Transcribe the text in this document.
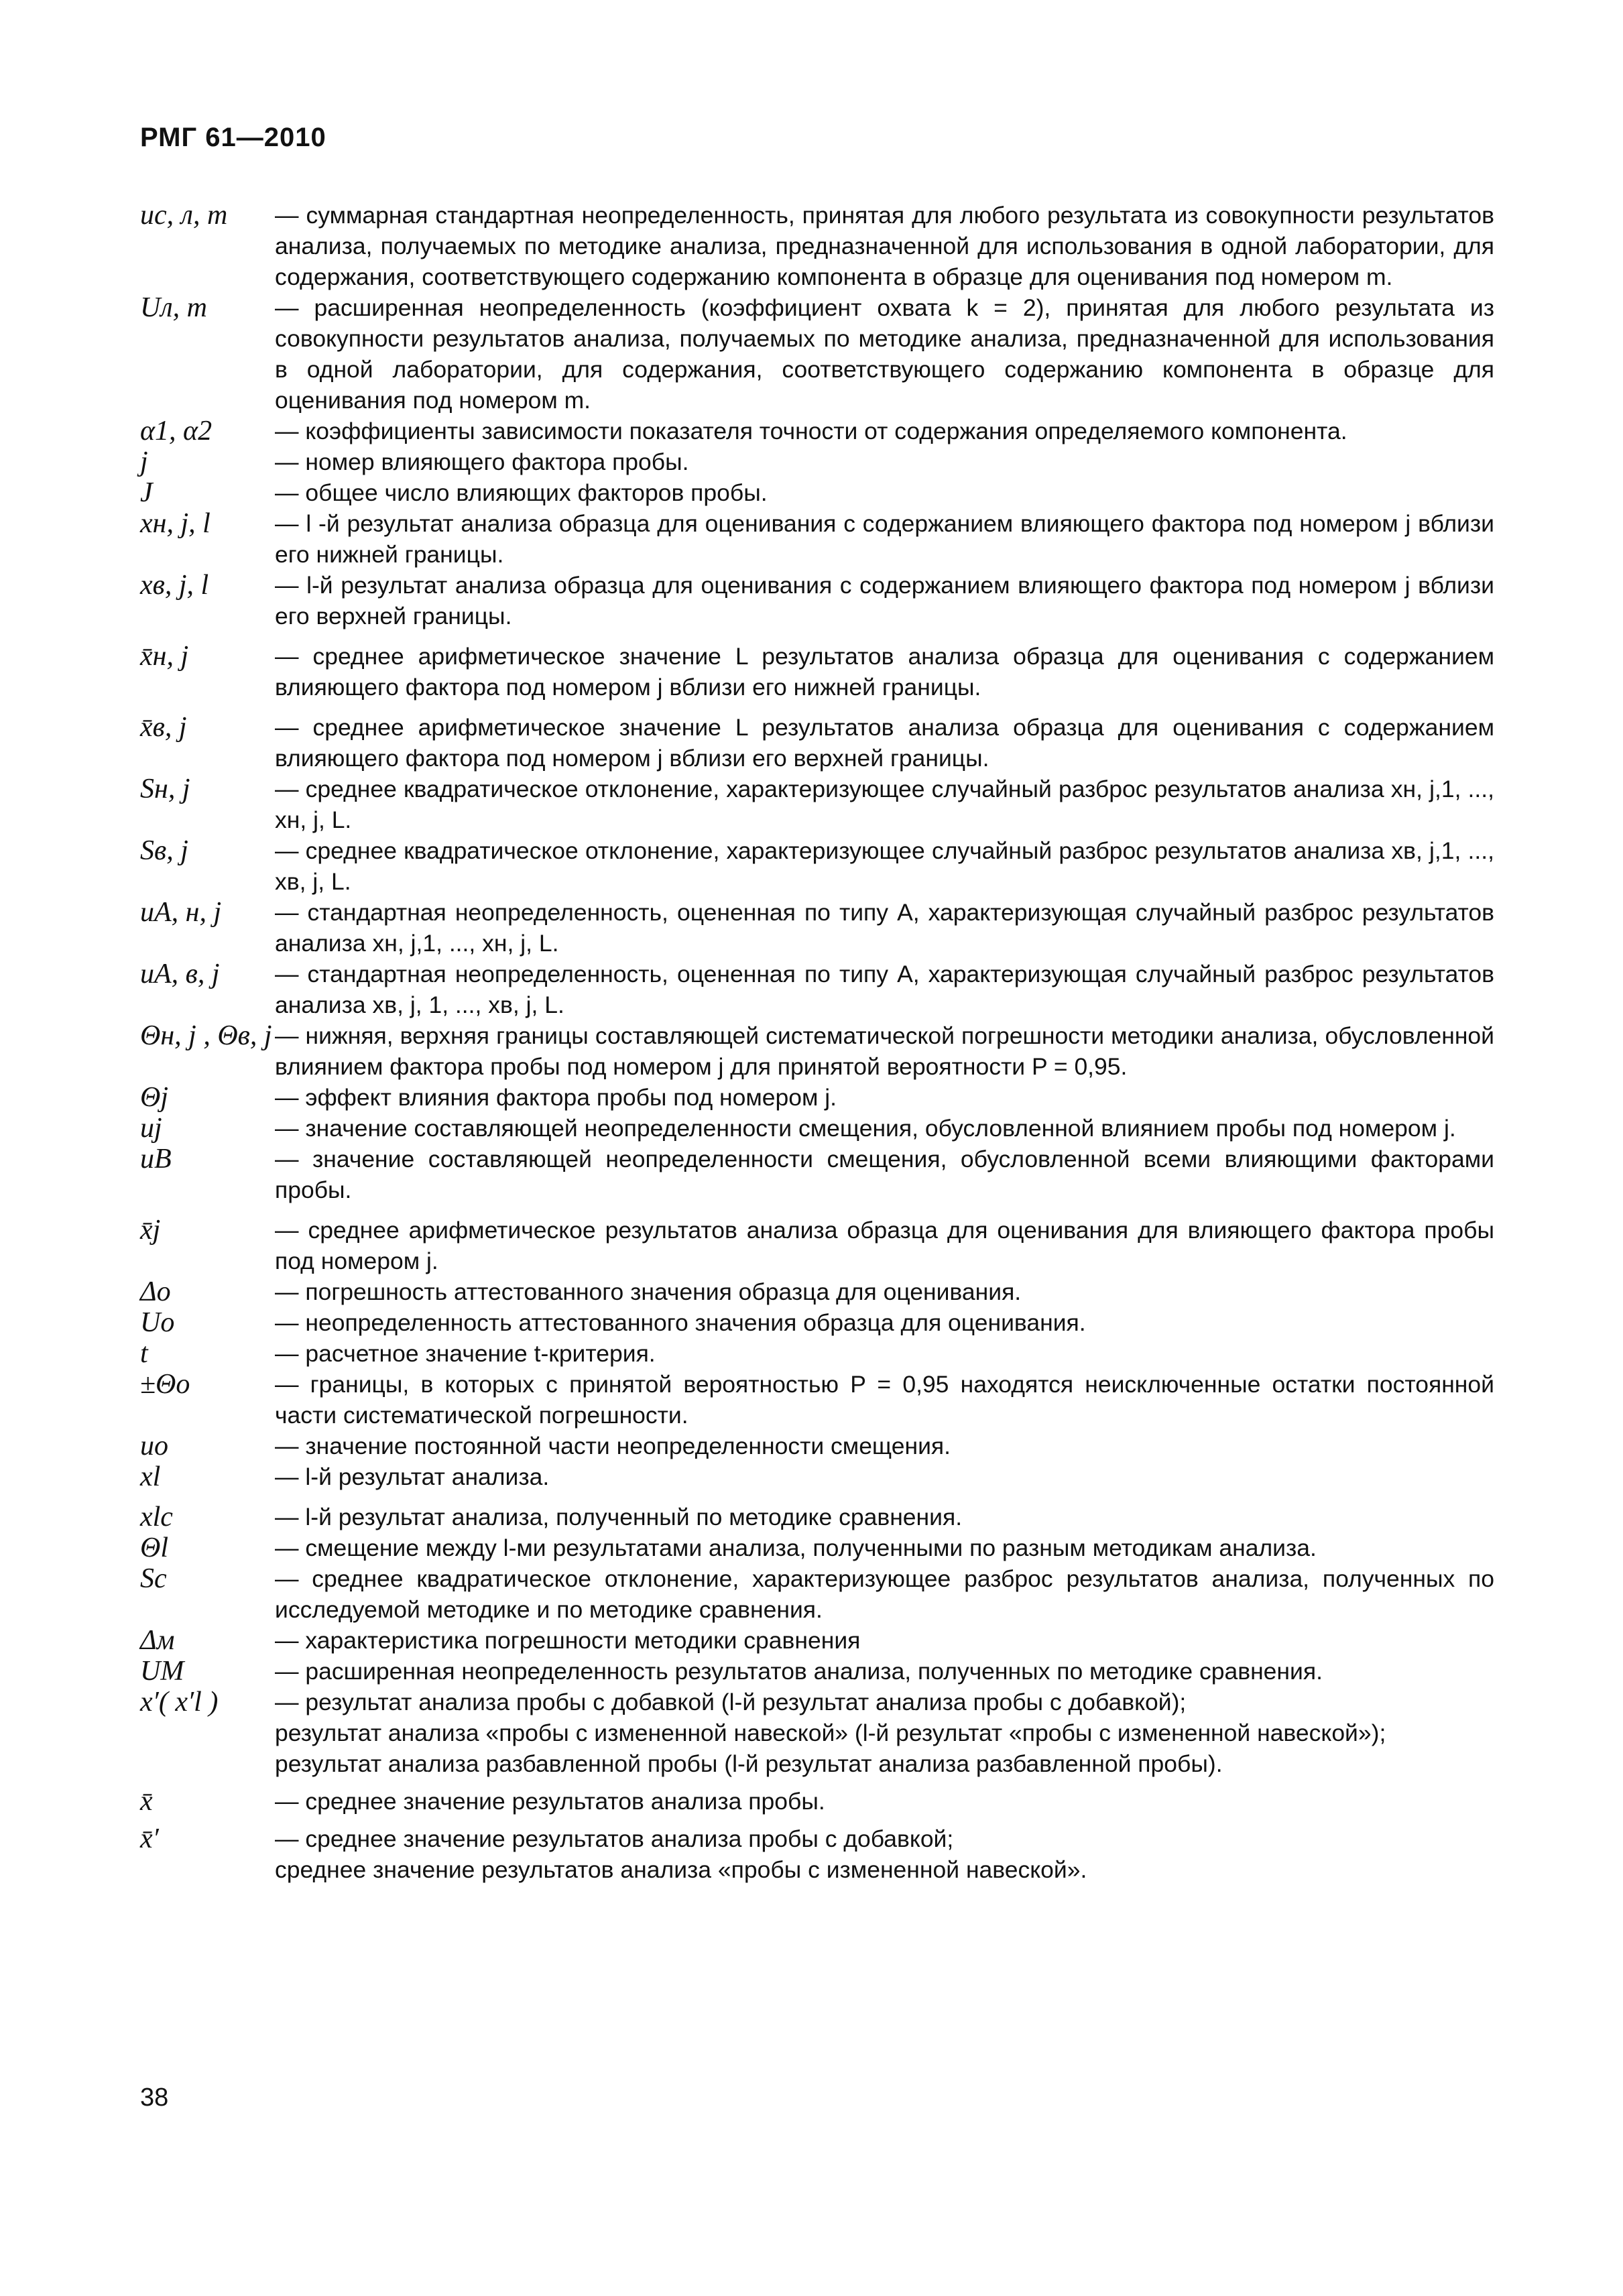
РМГ 61—2010
uс, л, m	— суммарная стандартная неопределенность, принятая для любого результата из совокупности результатов анализа, получаемых по методике анализа, предназначенной для использования в одной лаборатории, для содержания, соответствующего содержанию компонента в образце для оценивания под номером m.
Uл, m	— расширенная неопределенность (коэффициент охвата k = 2), принятая для любого результата из совокупности результатов анализа, получаемых по методике анализа, предназначенной для использования в одной лаборатории, для содержания, соответствующего содержанию компонента в образце для оценивания под номером m.
α1, α2	— коэффициенты зависимости показателя точности от содержания определяемого компонента.
j	— номер влияющего фактора пробы.
J	— общее число влияющих факторов пробы.
xн, j, l	— l -й результат анализа образца для оценивания с содержанием влияющего фактора под номером j вблизи его нижней границы.
xв, j, l	— l-й результат анализа образца для оценивания с содержанием влияющего фактора под номером j вблизи его верхней границы.
x̄н, j	— среднее арифметическое значение L результатов анализа образца для оценивания с содержанием влияющего фактора под номером j вблизи его нижней границы.
x̄в, j	— среднее арифметическое значение L результатов анализа образца для оценивания с содержанием влияющего фактора под номером j вблизи его верхней границы.
Sн, j	— среднее квадратическое отклонение, характеризующее случайный разброс результатов анализа xн, j,1, ..., xн, j, L.
Sв, j	— среднее квадратическое отклонение, характеризующее случайный разброс результатов анализа xв, j,1, ..., xв, j, L.
uA, н, j	— стандартная неопределенность, оцененная по типу А, характеризующая случайный разброс результатов анализа xн, j,1, ..., xн, j, L.
uA, в, j	— стандартная неопределенность, оцененная по типу А, характеризующая случайный разброс результатов анализа xв, j, 1, ..., xв, j, L.
Θн, j , Θв, j — нижняя, верхняя границы составляющей систематической погрешности методики анализа, обусловленной влиянием фактора пробы под номером j для принятой вероятности P = 0,95.
Θj	— эффект влияния фактора пробы под номером j.
uj	— значение составляющей неопределенности смещения, обусловленной влиянием пробы под номером j.
uB	— значение составляющей неопределенности смещения, обусловленной всеми влияющими факторами пробы.
x̄j	— среднее арифметическое результатов анализа образца для оценивания для влияющего фактора пробы под номером j.
Δо	— погрешность аттестованного значения образца для оценивания.
Uо	— неопределенность аттестованного значения образца для оценивания.
t	— расчетное значение t-критерия.
±Θо	— границы, в которых с принятой вероятностью P = 0,95 находятся неисключенные остатки постоянной части систематической погрешности.
uо	— значение постоянной части неопределенности смещения.
xl	— l-й результат анализа.
xlс	— l-й результат анализа, полученный по методике сравнения.
Θl	— смещение между l-ми результатами анализа, полученными по разным методикам анализа.
Sс	— среднее квадратическое отклонение, характеризующее разброс результатов анализа, полученных по исследуемой методике и по методике сравнения.
Δм	— характеристика погрешности методики сравнения
UM	— расширенная неопределенность результатов анализа, полученных по методике сравнения.
x′( x′l )	— результат анализа пробы с добавкой (l-й результат анализа пробы с добавкой);
результат анализа «пробы с измененной навеской» (l-й результат «пробы с измененной навеской»);
результат анализа разбавленной пробы (l-й результат анализа разбавленной пробы).
x̄	— среднее значение результатов анализа пробы.
x̄′	— среднее значение результатов анализа пробы с добавкой;
среднее значение результатов анализа «пробы с измененной навеской».
38
